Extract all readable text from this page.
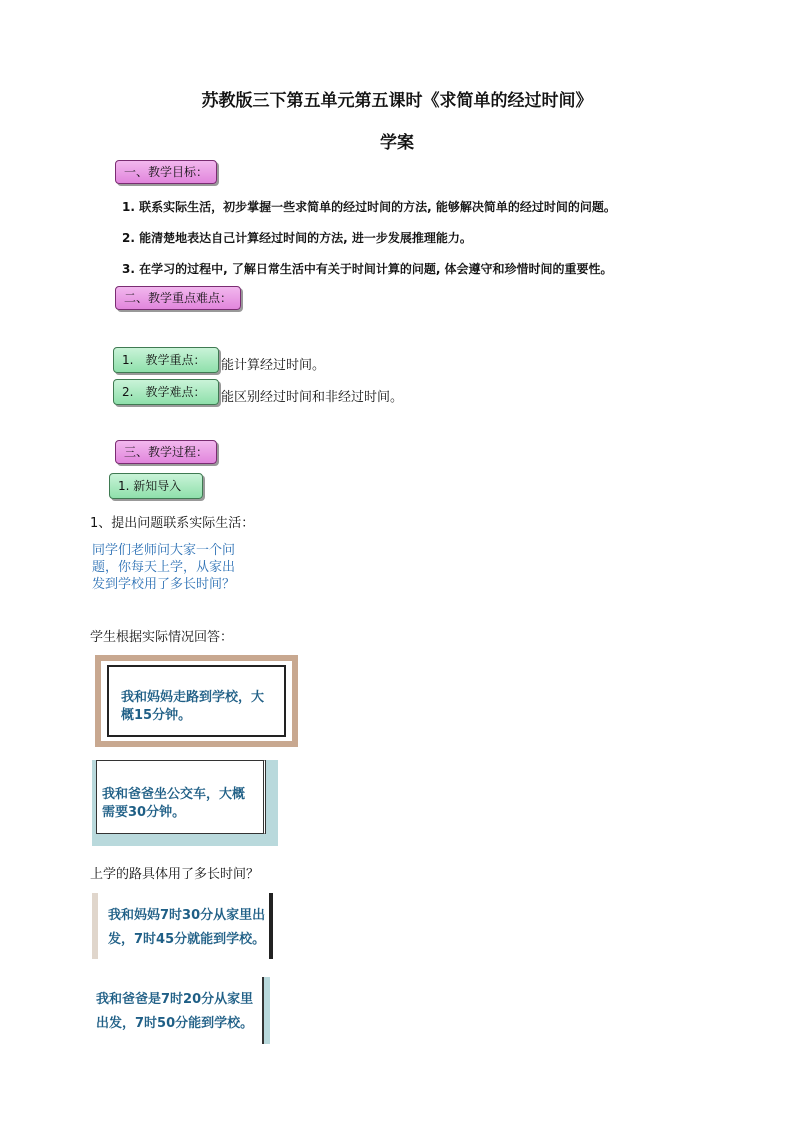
苏教版三下第五单元第五课时《求简单的经过时间》
学案
一、教学目标：
1. 联系实际生活，初步掌握一些求简单的经过时间的方法, 能够解决简单的经过时间的问题。
2. 能清楚地表达自己计算经过时间的方法, 进一步发展推理能力。
3. 在学习的过程中, 了解日常生活中有关于时间计算的问题, 体会遵守和珍惜时间的重要性。
二、教学重点难点：
1.　教学重点：	能计算经过时间。
2.　教学难点：	能区别经过时间和非经过时间。
三、教学过程：
1. 新知导入
1、提出问题联系实际生活：
同学们老师问大家一个问
题，你每天上学，从家出
发到学校用了多长时间？
学生根据实际情况回答：
我和妈妈走路到学校，大
概15分钟。
我和爸爸坐公交车，大概
需要30分钟。
上学的路具体用了多长时间？
我和妈妈7时30分从家里出
发，7时45分就能到学校。
我和爸爸是7时20分从家里
出发，7时50分能到学校。
